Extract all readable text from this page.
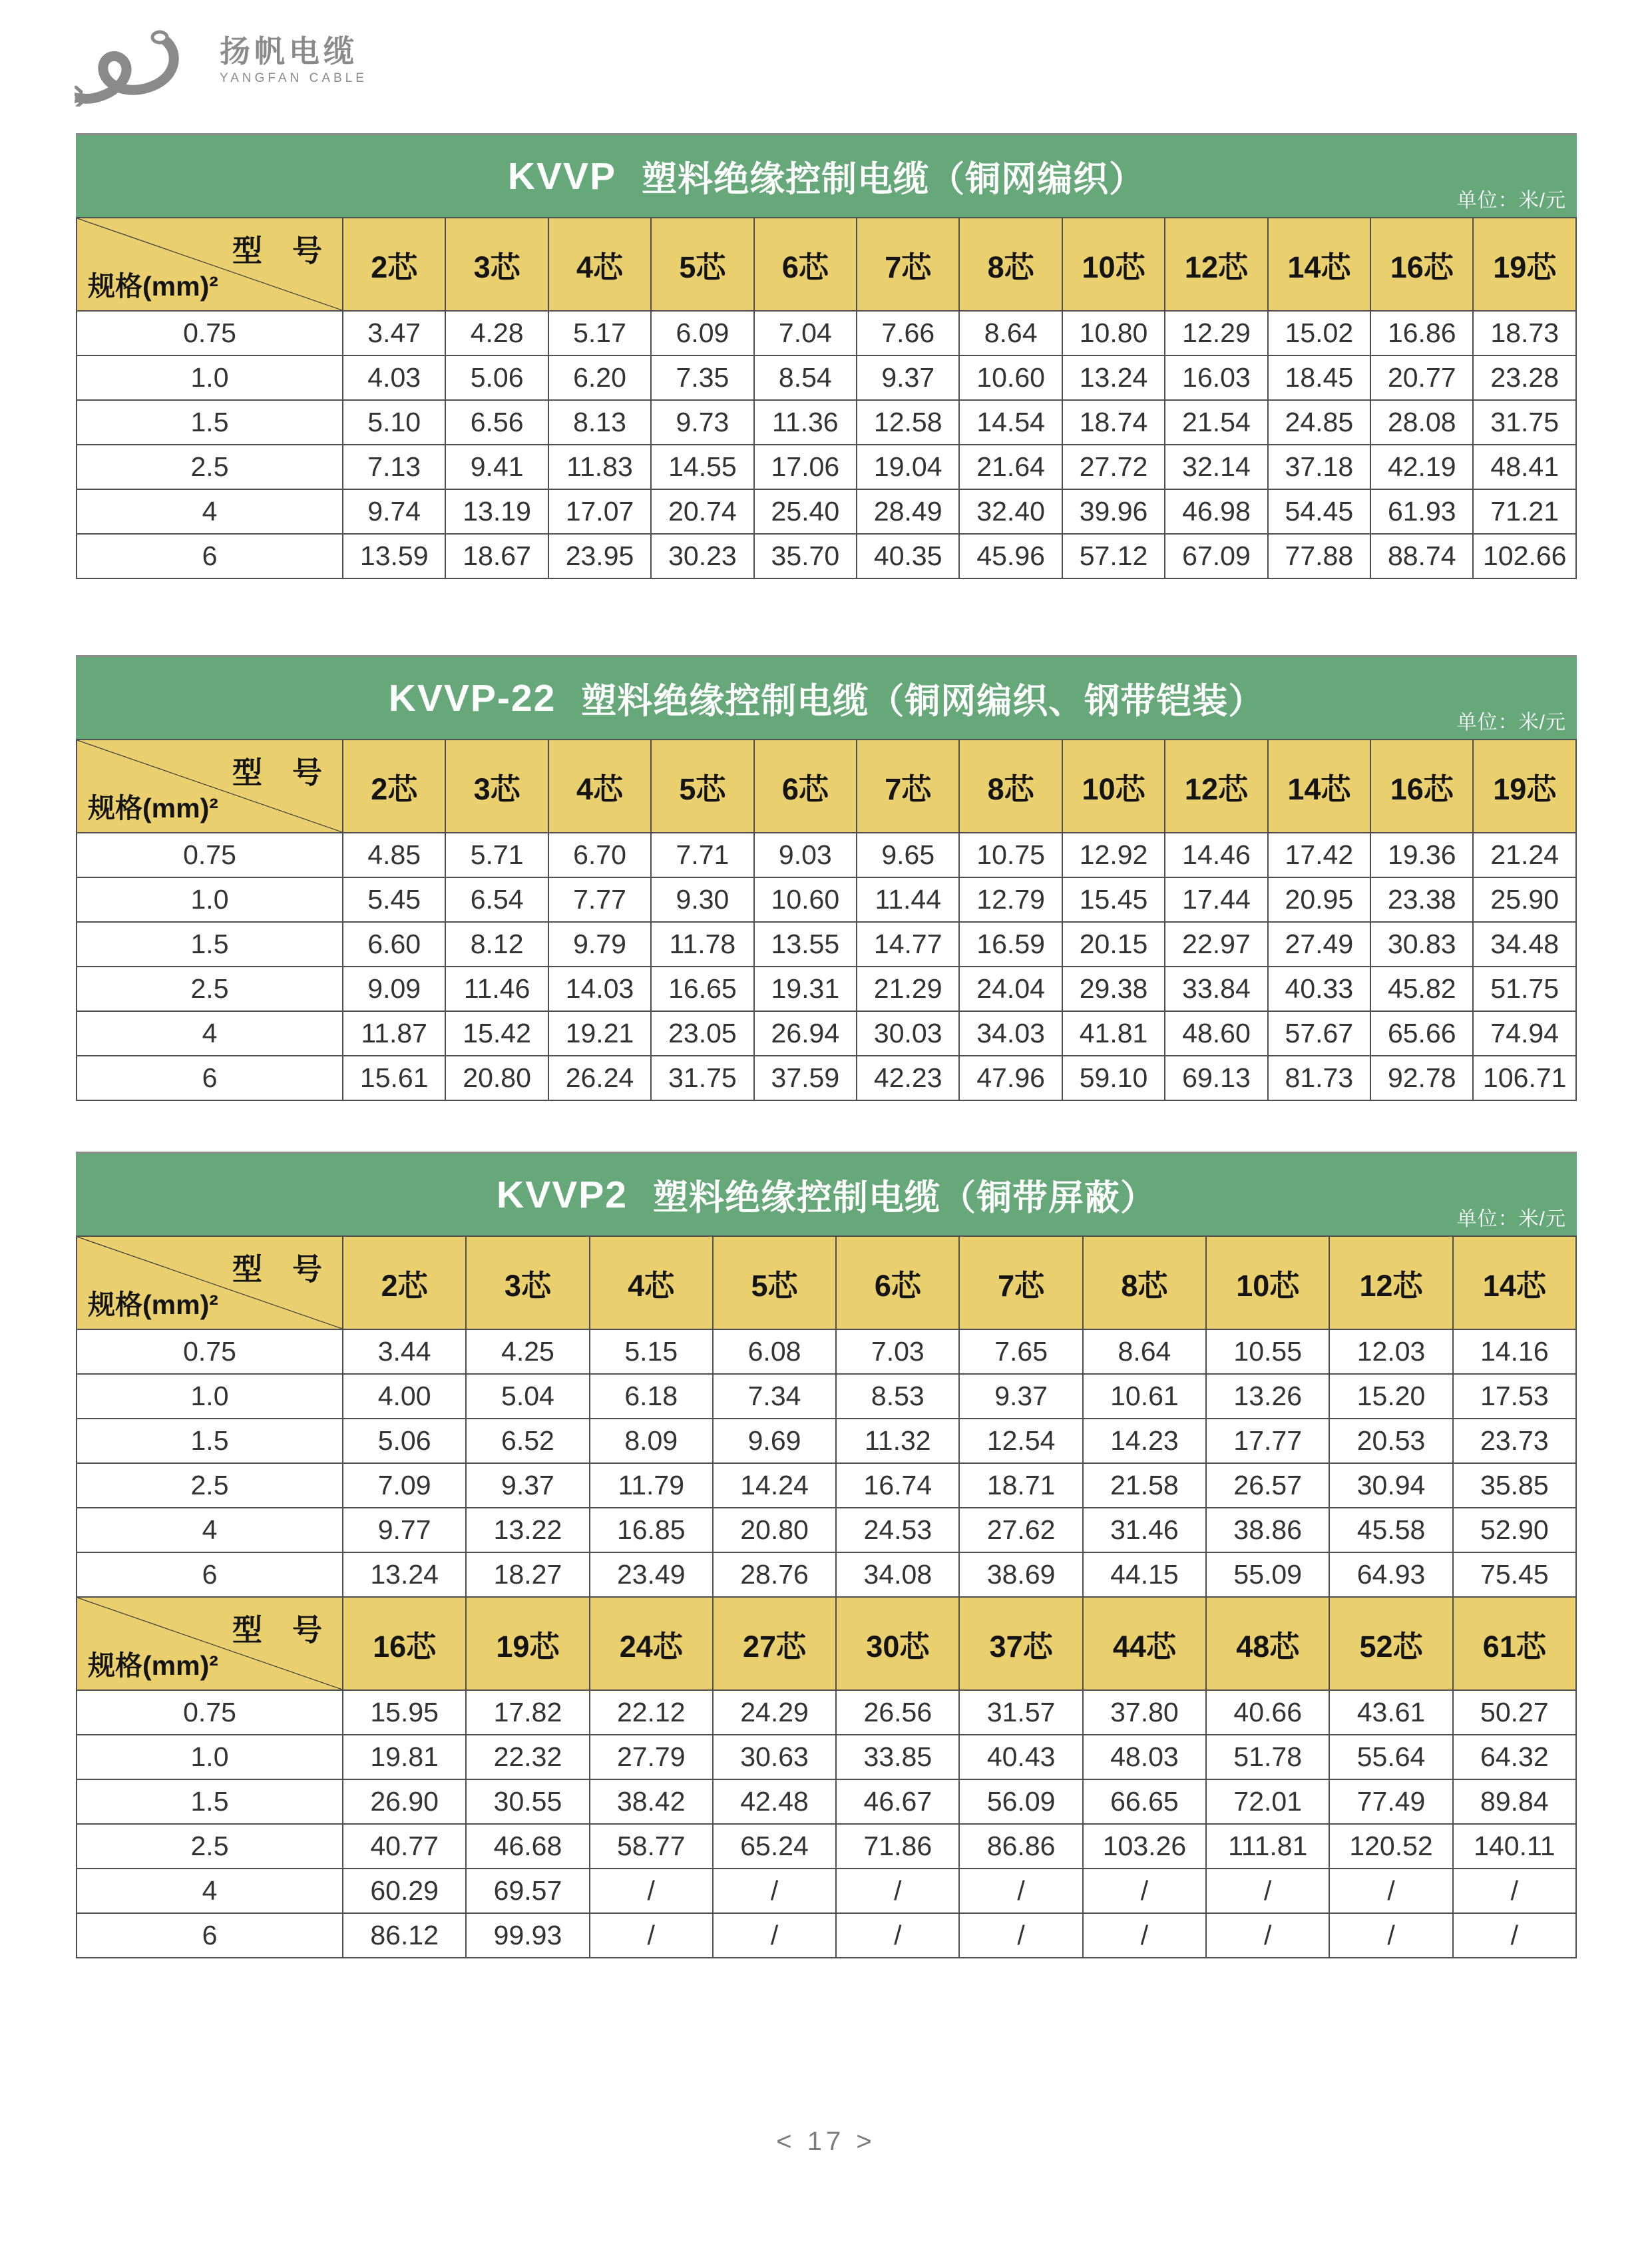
扬帆电缆
YANGFAN CABLE
KVVP 塑料绝缘控制电缆（铜网编织）
单位：米/元
型　号
规格(mm)²	2芯	3芯	4芯	5芯	6芯	7芯	8芯	10芯	12芯	14芯	16芯	19芯
0.75	3.47	4.28	5.17	6.09	7.04	7.66	8.64	10.80	12.29	15.02	16.86	18.73
1.0	4.03	5.06	6.20	7.35	8.54	9.37	10.60	13.24	16.03	18.45	20.77	23.28
1.5	5.10	6.56	8.13	9.73	11.36	12.58	14.54	18.74	21.54	24.85	28.08	31.75
2.5	7.13	9.41	11.83	14.55	17.06	19.04	21.64	27.72	32.14	37.18	42.19	48.41
4	9.74	13.19	17.07	20.74	25.40	28.49	32.40	39.96	46.98	54.45	61.93	71.21
6	13.59	18.67	23.95	30.23	35.70	40.35	45.96	57.12	67.09	77.88	88.74	102.66
KVVP-22 塑料绝缘控制电缆（铜网编织、钢带铠装）
单位：米/元
型　号
规格(mm)²	2芯	3芯	4芯	5芯	6芯	7芯	8芯	10芯	12芯	14芯	16芯	19芯
0.75	4.85	5.71	6.70	7.71	9.03	9.65	10.75	12.92	14.46	17.42	19.36	21.24
1.0	5.45	6.54	7.77	9.30	10.60	11.44	12.79	15.45	17.44	20.95	23.38	25.90
1.5	6.60	8.12	9.79	11.78	13.55	14.77	16.59	20.15	22.97	27.49	30.83	34.48
2.5	9.09	11.46	14.03	16.65	19.31	21.29	24.04	29.38	33.84	40.33	45.82	51.75
4	11.87	15.42	19.21	23.05	26.94	30.03	34.03	41.81	48.60	57.67	65.66	74.94
6	15.61	20.80	26.24	31.75	37.59	42.23	47.96	59.10	69.13	81.73	92.78	106.71
KVVP2 塑料绝缘控制电缆（铜带屏蔽）
单位：米/元
型　号
规格(mm)²	2芯	3芯	4芯	5芯	6芯	7芯	8芯	10芯	12芯	14芯
0.75	3.44	4.25	5.15	6.08	7.03	7.65	8.64	10.55	12.03	14.16
1.0	4.00	5.04	6.18	7.34	8.53	9.37	10.61	13.26	15.20	17.53
1.5	5.06	6.52	8.09	9.69	11.32	12.54	14.23	17.77	20.53	23.73
2.5	7.09	9.37	11.79	14.24	16.74	18.71	21.58	26.57	30.94	35.85
4	9.77	13.22	16.85	20.80	24.53	27.62	31.46	38.86	45.58	52.90
6	13.24	18.27	23.49	28.76	34.08	38.69	44.15	55.09	64.93	75.45

型　号
规格(mm)²	16芯	19芯	24芯	27芯	30芯	37芯	44芯	48芯	52芯	61芯
0.75	15.95	17.82	22.12	24.29	26.56	31.57	37.80	40.66	43.61	50.27
1.0	19.81	22.32	27.79	30.63	33.85	40.43	48.03	51.78	55.64	64.32
1.5	26.90	30.55	38.42	42.48	46.67	56.09	66.65	72.01	77.49	89.84
2.5	40.77	46.68	58.77	65.24	71.86	86.86	103.26	111.81	120.52	140.11
4	60.29	69.57	/	/	/	/	/	/	/	/
6	86.12	99.93	/	/	/	/	/	/	/	/
< 17 >
